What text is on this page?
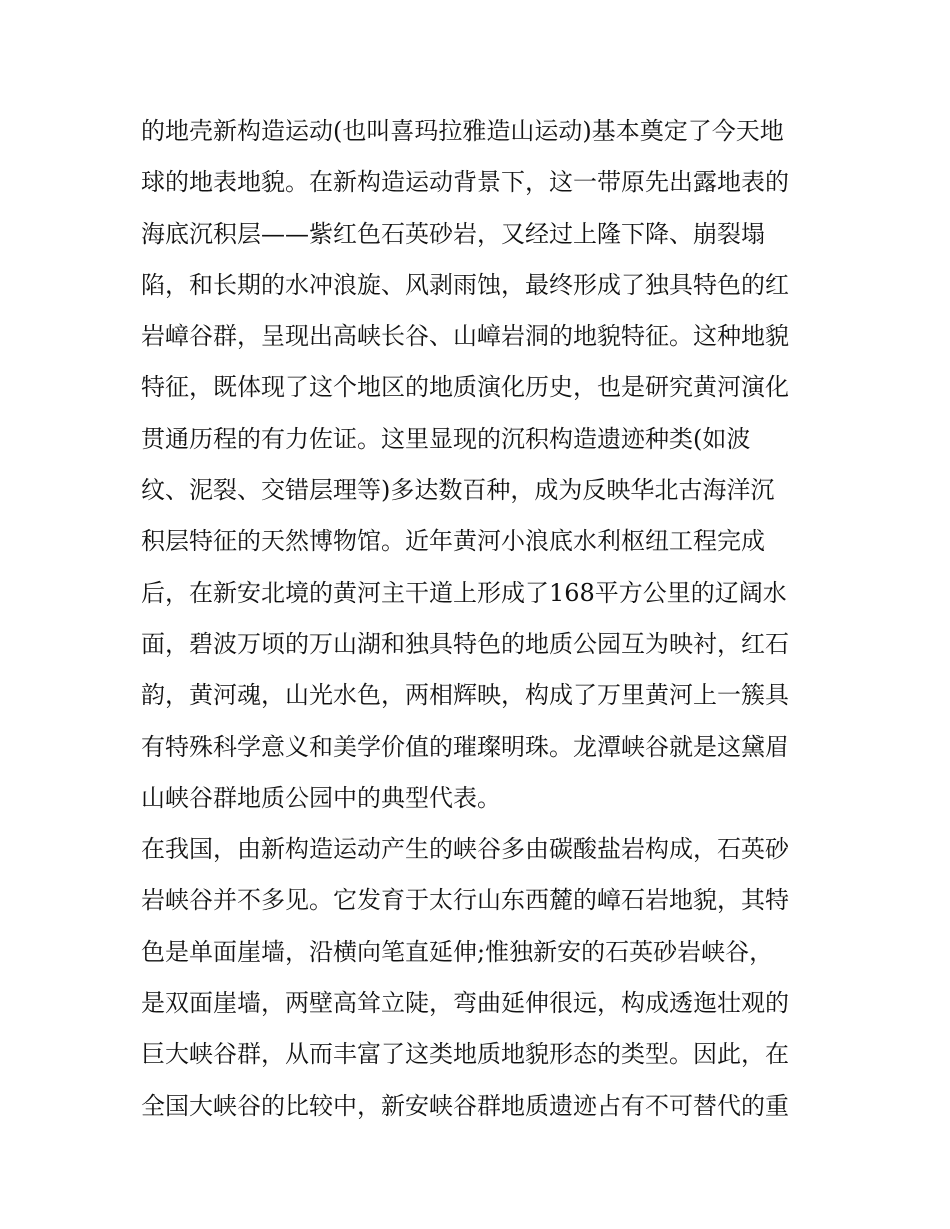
的地壳新构造运动(也叫喜玛拉雅造山运动)基本奠定了今天地
球的地表地貌。在新构造运动背景下，这一带原先出露地表的
海底沉积层——紫红色石英砂岩，又经过上隆下降、崩裂塌
陷，和长期的水冲浪旋、风剥雨蚀，最终形成了独具特色的红
岩嶂谷群，呈现出高峡长谷、山嶂岩洞的地貌特征。这种地貌
特征，既体现了这个地区的地质演化历史，也是研究黄河演化
贯通历程的有力佐证。这里显现的沉积构造遗迹种类(如波
纹、泥裂、交错层理等)多达数百种，成为反映华北古海洋沉
积层特征的天然博物馆。近年黄河小浪底水利枢纽工程完成
后，在新安北境的黄河主干道上形成了168平方公里的辽阔水
面，碧波万顷的万山湖和独具特色的地质公园互为映衬，红石
韵，黄河魂，山光水色，两相辉映，构成了万里黄河上一簇具
有特殊科学意义和美学价值的璀璨明珠。龙潭峡谷就是这黛眉
山峡谷群地质公园中的典型代表。
在我国，由新构造运动产生的峡谷多由碳酸盐岩构成，石英砂
岩峡谷并不多见。它发育于太行山东西麓的嶂石岩地貌，其特
色是单面崖墙，沿横向笔直延伸;惟独新安的石英砂岩峡谷，
是双面崖墙，两壁高耸立陡，弯曲延伸很远，构成透迤壮观的
巨大峡谷群，从而丰富了这类地质地貌形态的类型。因此，在
全国大峡谷的比较中，新安峡谷群地质遗迹占有不可替代的重
